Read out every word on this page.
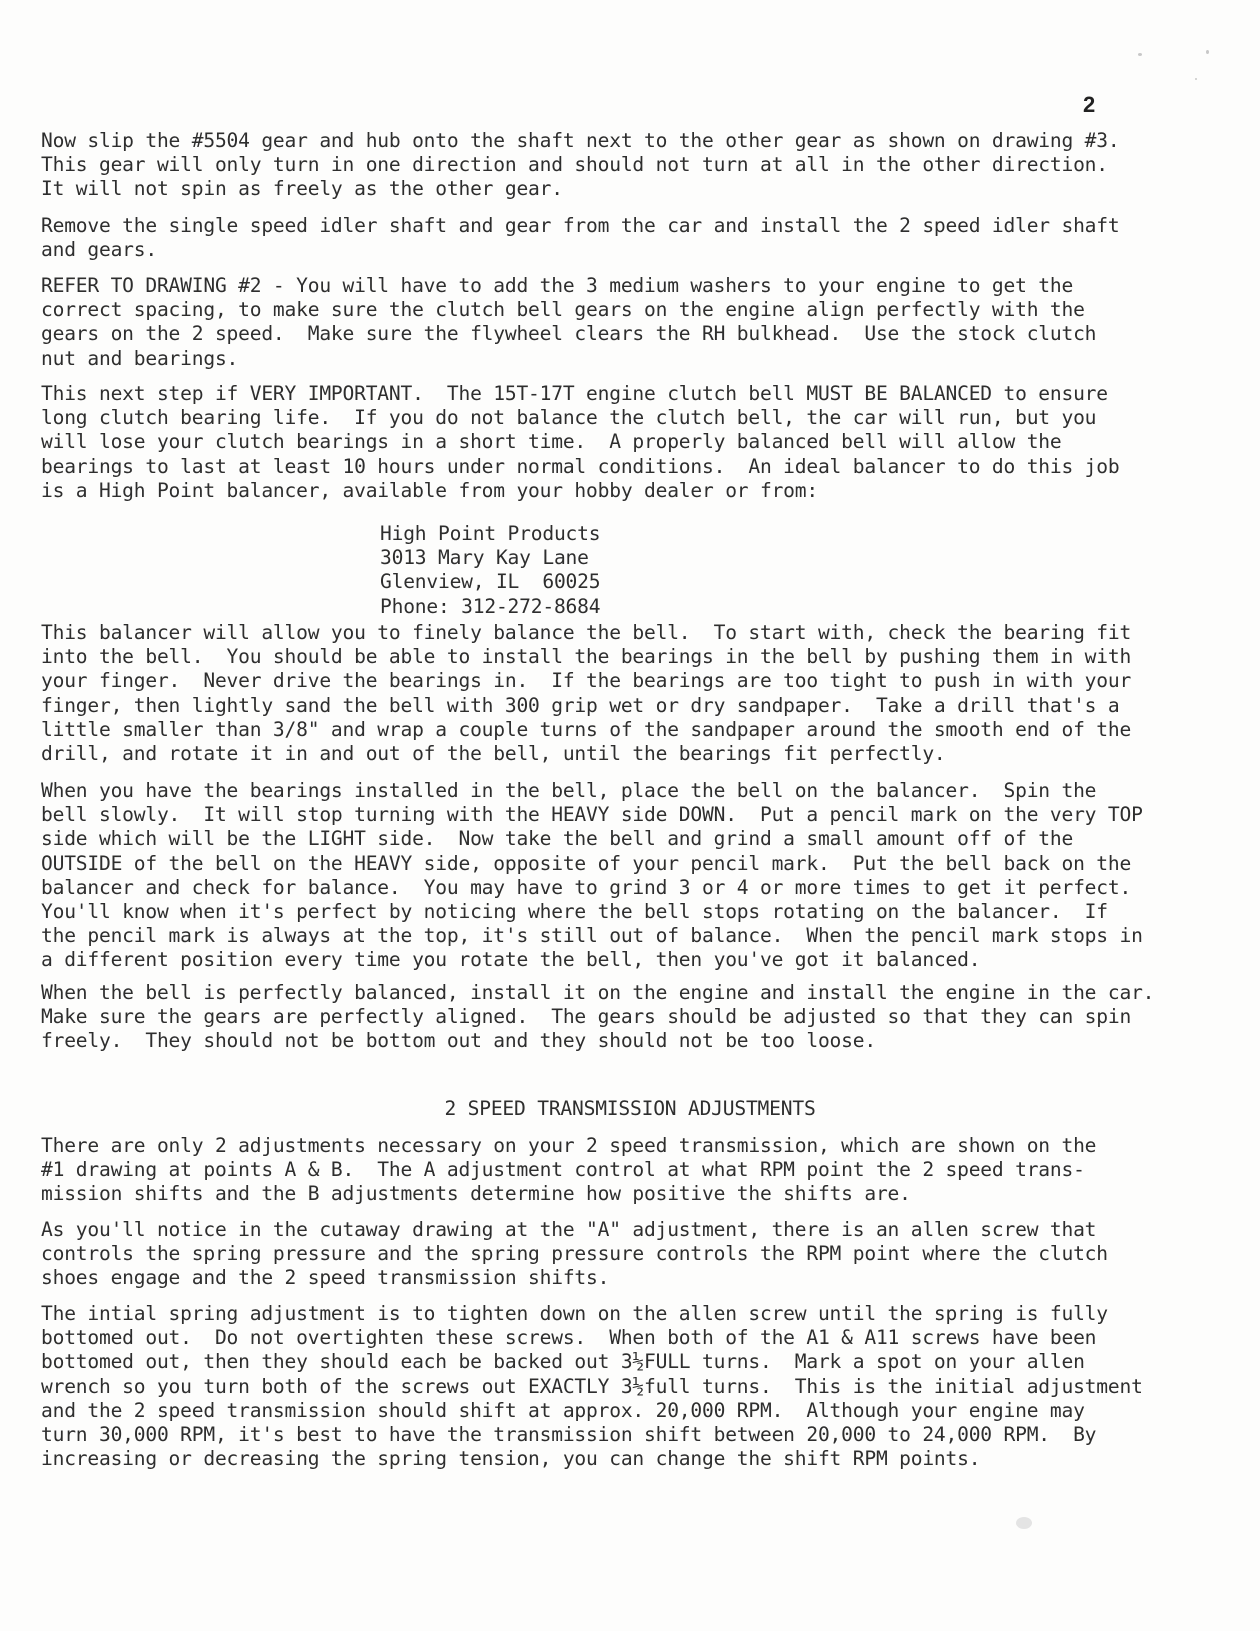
2

Now slip the #5504 gear and hub onto the shaft next to the other gear as shown on drawing #3.
This gear will only turn in one direction and should not turn at all in the other direction.
It will not spin as freely as the other gear.

Remove the single speed idler shaft and gear from the car and install the 2 speed idler shaft
and gears.

REFER TO DRAWING #2 - You will have to add the 3 medium washers to your engine to get the
correct spacing, to make sure the clutch bell gears on the engine align perfectly with the
gears on the 2 speed.  Make sure the flywheel clears the RH bulkhead.  Use the stock clutch
nut and bearings.

This next step if VERY IMPORTANT.  The 15T-17T engine clutch bell MUST BE BALANCED to ensure
long clutch bearing life.  If you do not balance the clutch bell, the car will run, but you
will lose your clutch bearings in a short time.  A properly balanced bell will allow the
bearings to last at least 10 hours under normal conditions.  An ideal balancer to do this job
is a High Point balancer, available from your hobby dealer or from:

High Point Products
3013 Mary Kay Lane
Glenview, IL  60025
Phone: 312-272-8684

This balancer will allow you to finely balance the bell.  To start with, check the bearing fit
into the bell.  You should be able to install the bearings in the bell by pushing them in with
your finger.  Never drive the bearings in.  If the bearings are too tight to push in with your
finger, then lightly sand the bell with 300 grip wet or dry sandpaper.  Take a drill that's a
little smaller than 3/8" and wrap a couple turns of the sandpaper around the smooth end of the
drill, and rotate it in and out of the bell, until the bearings fit perfectly.

When you have the bearings installed in the bell, place the bell on the balancer.  Spin the
bell slowly.  It will stop turning with the HEAVY side DOWN.  Put a pencil mark on the very TOP
side which will be the LIGHT side.  Now take the bell and grind a small amount off of the
OUTSIDE of the bell on the HEAVY side, opposite of your pencil mark.  Put the bell back on the
balancer and check for balance.  You may have to grind 3 or 4 or more times to get it perfect.
You'll know when it's perfect by noticing where the bell stops rotating on the balancer.  If
the pencil mark is always at the top, it's still out of balance.  When the pencil mark stops in
a different position every time you rotate the bell, then you've got it balanced.

When the bell is perfectly balanced, install it on the engine and install the engine in the car.
Make sure the gears are perfectly aligned.  The gears should be adjusted so that they can spin
freely.  They should not be bottom out and they should not be too loose.

2 SPEED TRANSMISSION ADJUSTMENTS

There are only 2 adjustments necessary on your 2 speed transmission, which are shown on the
#1 drawing at points A & B.  The A adjustment control at what RPM point the 2 speed trans-
mission shifts and the B adjustments determine how positive the shifts are.

As you'll notice in the cutaway drawing at the "A" adjustment, there is an allen screw that
controls the spring pressure and the spring pressure controls the RPM point where the clutch
shoes engage and the 2 speed transmission shifts.

The intial spring adjustment is to tighten down on the allen screw until the spring is fully
bottomed out.  Do not overtighten these screws.  When both of the A1 & A11 screws have been
bottomed out, then they should each be backed out 3½FULL turns.  Mark a spot on your allen
wrench so you turn both of the screws out EXACTLY 3½full turns.  This is the initial adjustment
and the 2 speed transmission should shift at approx. 20,000 RPM.  Although your engine may
turn 30,000 RPM, it's best to have the transmission shift between 20,000 to 24,000 RPM.  By
increasing or decreasing the spring tension, you can change the shift RPM points.
